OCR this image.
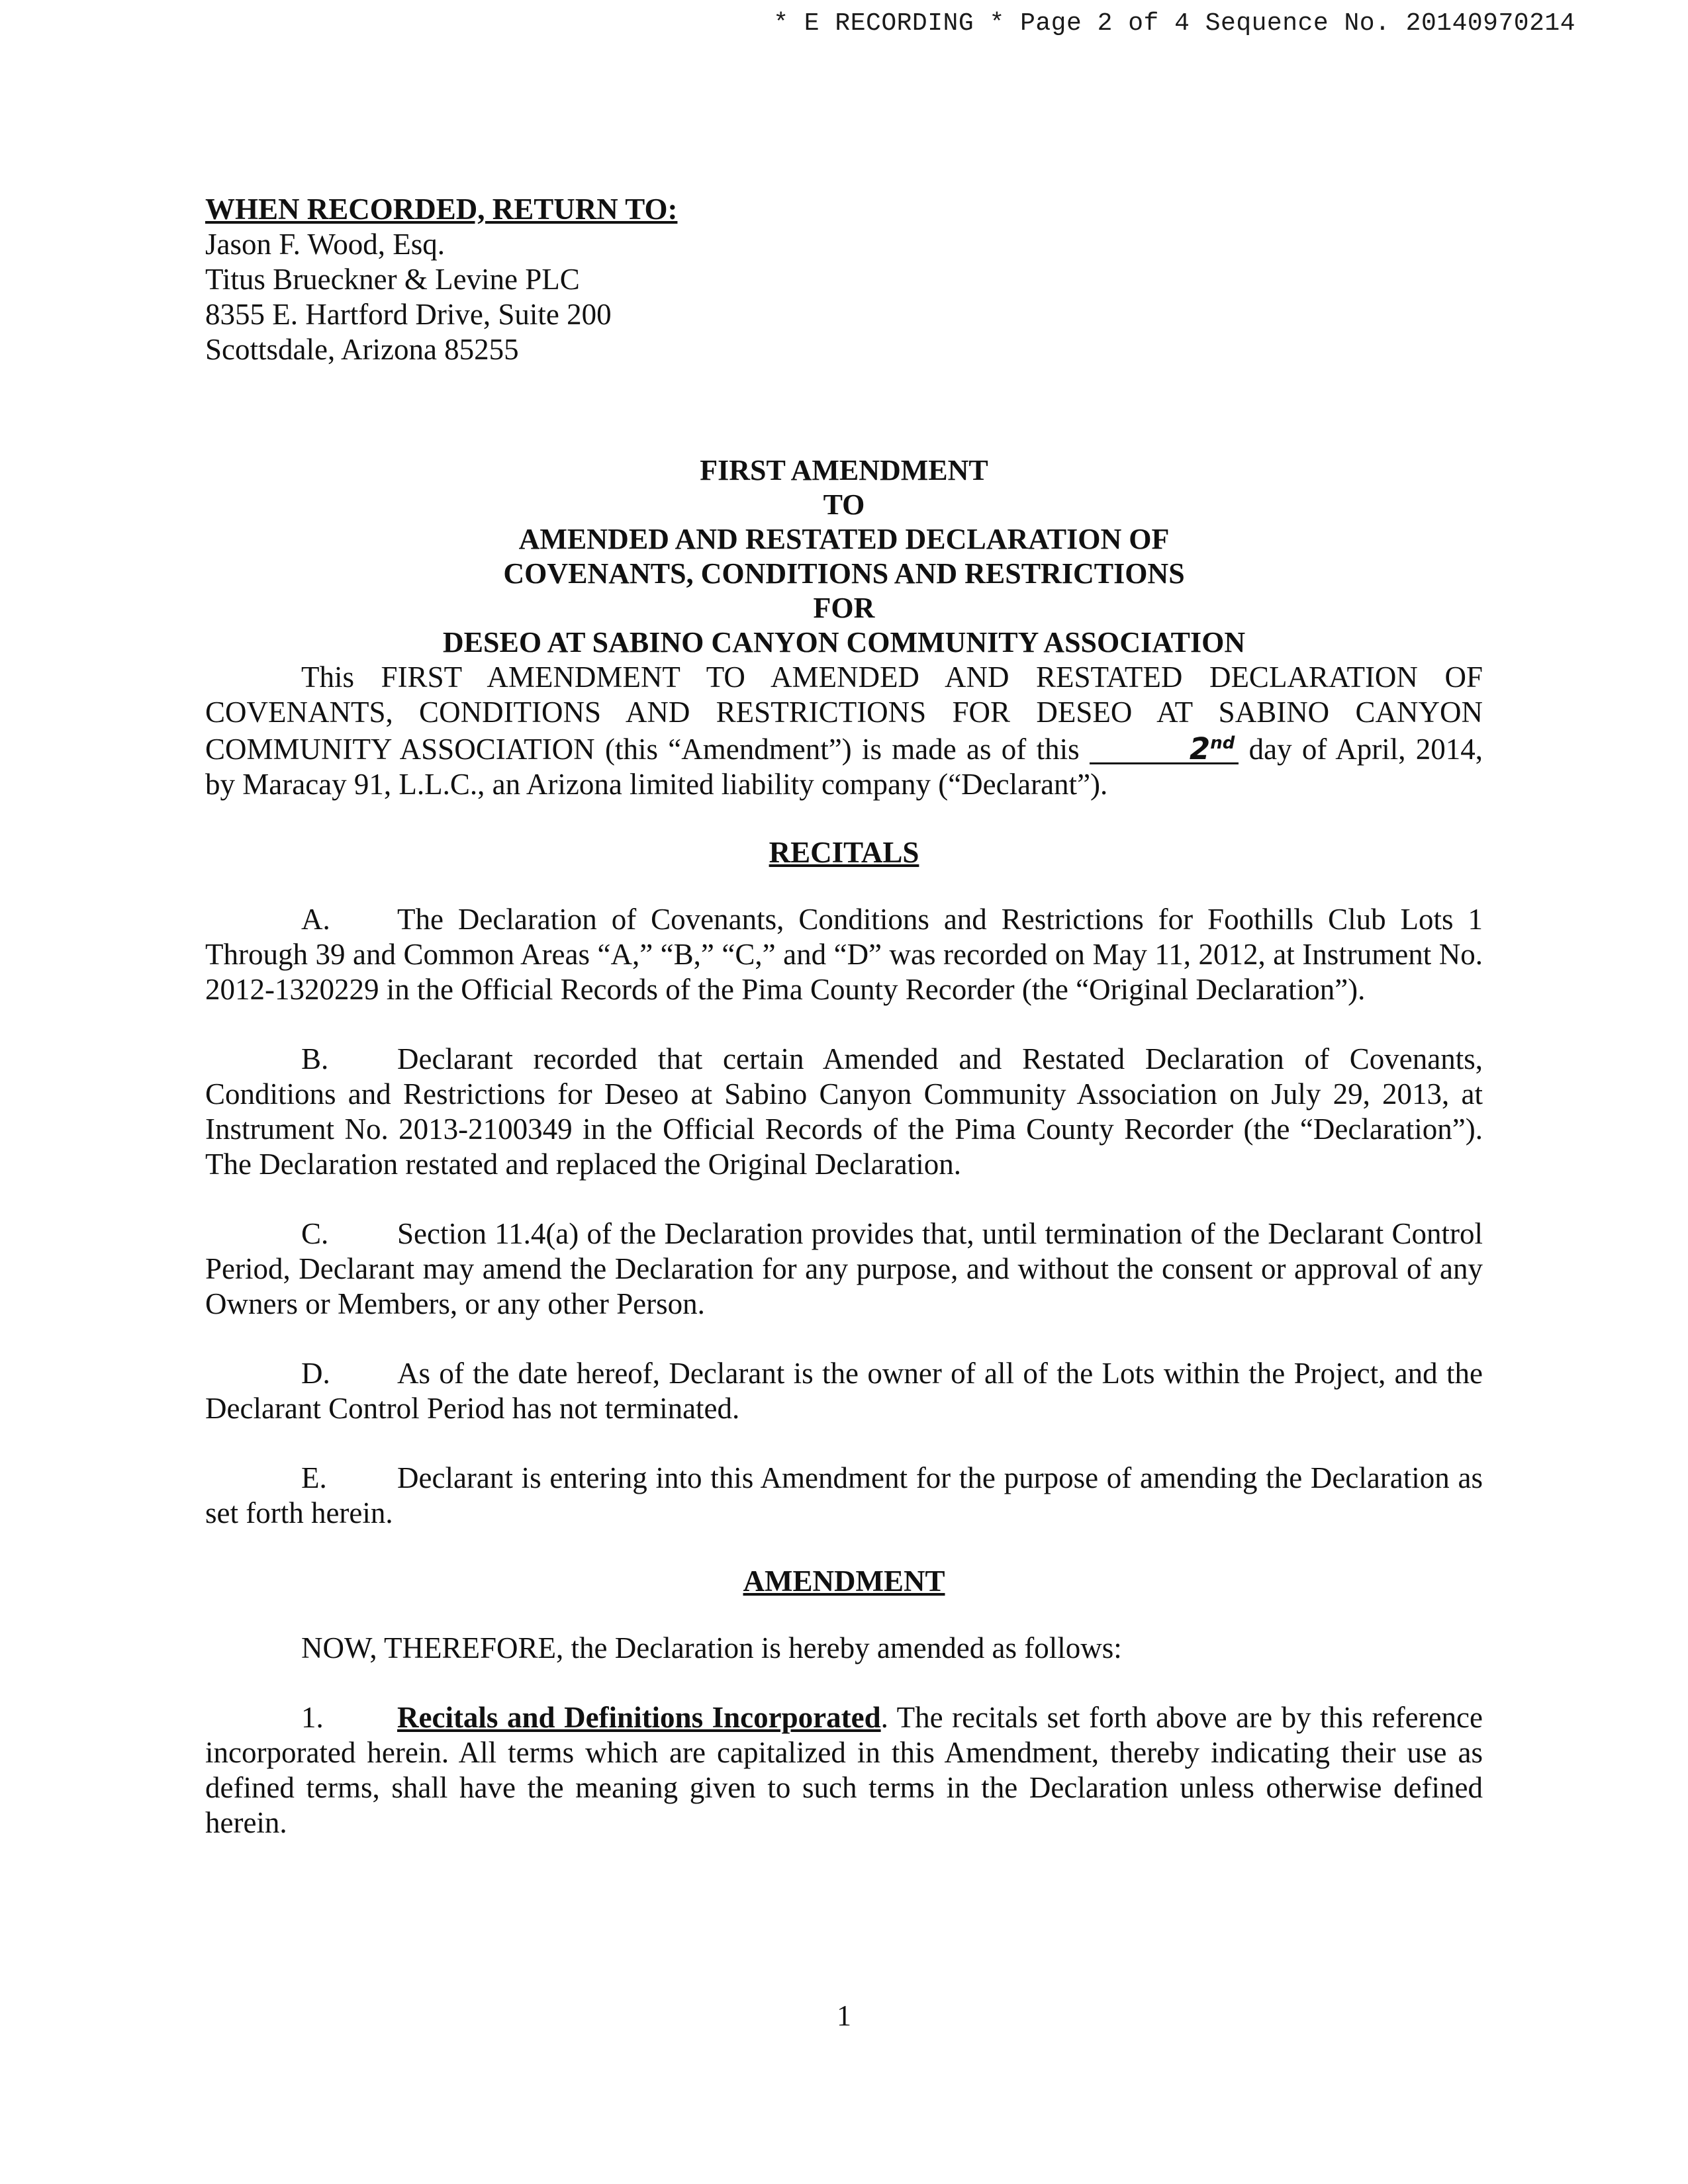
* E RECORDING * Page 2 of 4 Sequence No. 20140970214
WHEN RECORDED, RETURN TO:
Jason F. Wood, Esq.
Titus Brueckner & Levine PLC
8355 E. Hartford Drive, Suite 200
Scottsdale, Arizona 85255
FIRST AMENDMENT
TO
AMENDED AND RESTATED DECLARATION OF
COVENANTS, CONDITIONS AND RESTRICTIONS
FOR
DESEO AT SABINO CANYON COMMUNITY ASSOCIATION

This FIRST AMENDMENT TO AMENDED AND RESTATED DECLARATION OF COVENANTS, CONDITIONS AND RESTRICTIONS FOR DESEO AT SABINO CANYON COMMUNITY ASSOCIATION (this “Amendment”) is made as of this	2nd day of April, 2014, by Maracay 91, L.L.C., an Arizona limited liability company (“Declarant”).

RECITALS

A. The Declaration of Covenants, Conditions and Restrictions for Foothills Club Lots 1 Through 39 and Common Areas “A,” “B,” “C,” and “D” was recorded on May 11, 2012, at Instrument No. 2012-1320229 in the Official Records of the Pima County Recorder (the “Original Declaration”).

B. Declarant recorded that certain Amended and Restated Declaration of Covenants, Conditions and Restrictions for Deseo at Sabino Canyon Community Association on July 29, 2013, at Instrument No. 2013-2100349 in the Official Records of the Pima County Recorder (the “Declaration”). The Declaration restated and replaced the Original Declaration.

C. Section 11.4(a) of the Declaration provides that, until termination of the Declarant Control Period, Declarant may amend the Declaration for any purpose, and without the consent or approval of any Owners or Members, or any other Person.

D. As of the date hereof, Declarant is the owner of all of the Lots within the Project, and the Declarant Control Period has not terminated.

E. Declarant is entering into this Amendment for the purpose of amending the Declaration as set forth herein.

AMENDMENT

NOW, THEREFORE, the Declaration is hereby amended as follows:

1. Recitals and Definitions Incorporated. The recitals set forth above are by this reference incorporated herein. All terms which are capitalized in this Amendment, thereby indicating their use as defined terms, shall have the meaning given to such terms in the Declaration unless otherwise defined herein.

1
